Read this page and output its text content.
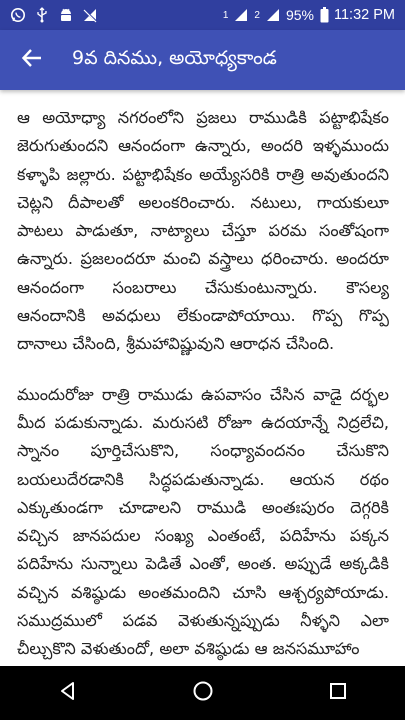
1	2 95% 11:32 PM
9వ దినము, అయోధ్యకాండ

ఆ అయోధ్యా నగరంలోని ప్రజలు రాముడికి పట్టాభిషేకం జెరుగుతుందని ఆనందంగా ఉన్నారు, అందరి ఇళ్ళముందు కళ్ళాపి జల్లారు. పట్టాభిషేకం అయ్యేసరికి రాత్రి అవుతుందని చెట్లని దీపాలతో అలంకరించారు. నటులు, గాయకులూ పాటలు పాడుతూ, నాట్యాలు చేస్తూ పరమ సంతోషంగా ఉన్నారు. ప్రజలందరూ మంచి వస్త్రాలు ధరించారు. అందరూ ఆనందంగా సంబరాలు చేసుకుంటున్నారు. కౌసల్య ఆనందానికి అవధులు లేకుండాపోయాయి. గొప్ప గొప్ప దానాలు చేసింది, శ్రీమహావిష్ణువుని ఆరాధన చేసింది.

ముందురోజు రాత్రి రాముడు ఉపవాసం చేసిన వాడై దర్భల మీద పడుకున్నాడు. మరుసటి రోజూ ఉదయాన్నే నిద్రలేచి, స్నానం పూర్తిచేసుకొని, సంధ్యావందనం చేసుకొని బయలుదేరడానికి సిద్ధపడుతున్నాడు. ఆయన రథం ఎక్కుతుండగా చూడాలని రాముడి అంతఃపురం దెగ్గరికి వచ్చిన జానపదుల సంఖ్య ఎంతంటే, పదిహేను పక్కన పదిహేను సున్నాలు పెడితే ఎంతో, అంత. అప్పుడే అక్కడికి వచ్చిన వశిష్ఠుడు అంతమందిని చూసి ఆశ్చర్యపోయాడు. సముద్రములో పడవ వెళుతున్నప్పుడు నీళ్ళని ఎలా చీల్చుకొని వెళుతుందో, అలా వశిష్ఠుడు ఆ జనసమూహాం
